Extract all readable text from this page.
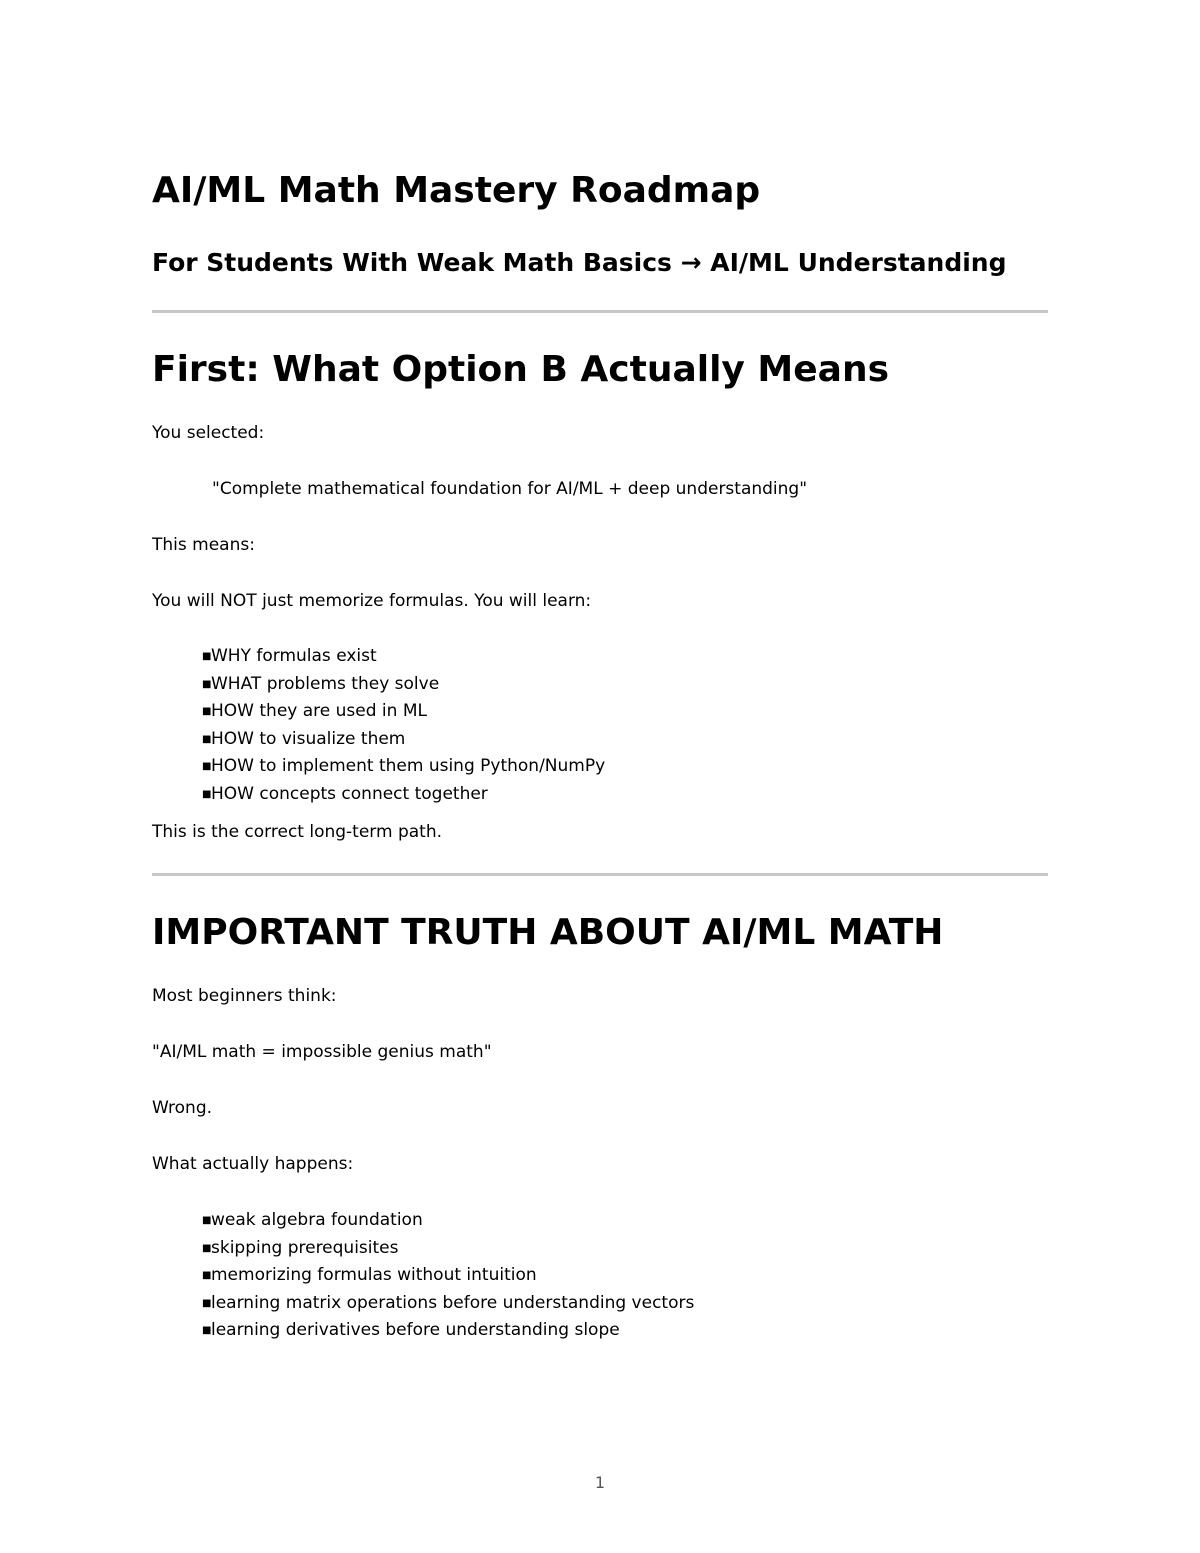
AI/ML Math Mastery Roadmap
For Students With Weak Math Basics → AI/ML Understanding
First: What Option B Actually Means

You selected:

"Complete mathematical foundation for AI/ML + deep understanding"

This means:

You will NOT just memorize formulas. You will learn:

■WHY formulas exist
■WHAT problems they solve
■HOW they are used in ML
■HOW to visualize them
■HOW to implement them using Python/NumPy
■HOW concepts connect together

This is the correct long-term path.

IMPORTANT TRUTH ABOUT AI/ML MATH

Most beginners think:

"AI/ML math = impossible genius math"

Wrong.

What actually happens:

■weak algebra foundation
■skipping prerequisites
■memorizing formulas without intuition
■learning matrix operations before understanding vectors
■learning derivatives before understanding slope
1
